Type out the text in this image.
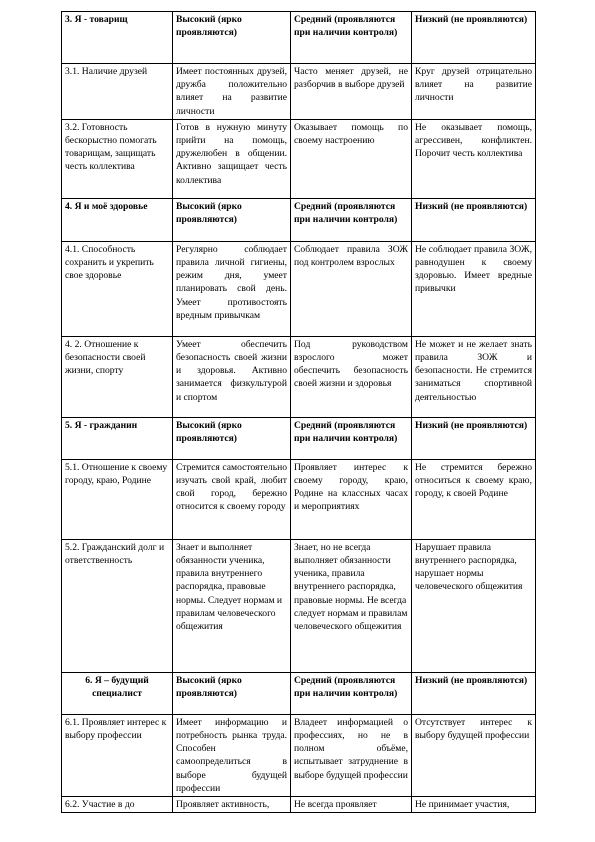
3. Я - товарищ	Высокий (ярко проявляются)	Средний (проявляются при наличии контроля)	Низкий (не проявляются)
3.1. Наличие друзей	Имеет постоянных друзей, дружба положительно влияет на развитие личности	Часто меняет друзей, не разборчив в выборе друзей	Круг друзей отрицательно влияет на развитие личности
3.2. Готовность бескорыстно помогать товарищам, защищать честь коллектива	Готов в нужную минуту прийти на помощь, дружелюбен в общении. Активно защищает честь коллектива	Оказывает помощь по своему настроению	Не оказывает помощь, агрессивен, конфликтен. Порочит честь коллектива
4. Я и моё здоровье	Высокий (ярко проявляются)	Средний (проявляются при наличии контроля)	Низкий (не проявляются)
4.1. Способность сохранить и укрепить свое здоровье	Регулярно соблюдает правила личной гигиены, режим дня, умеет планировать свой день. Умеет противостоять вредным привычкам	Соблюдает правила ЗОЖ под контролем взрослых	Не соблюдает правила ЗОЖ, равнодушен к своему здоровью. Имеет вредные привычки
4. 2. Отношение к безопасности своей жизни, спорту	Умеет обеспечить безопасность своей жизни и здоровья. Активно занимается физкультурой и спортом	Под руководством взрослого может обеспечить безопасность своей жизни и здоровья	Не может и не желает знать правила ЗОЖ и безопасности. Не стремится заниматься спортивной деятельностью
5. Я - гражданин	Высокий (ярко проявляются)	Средний (проявляются при наличии контроля)	Низкий (не проявляются)
5.1. Отношение к своему городу, краю, Родине	Стремится самостоятельно изучать свой край, любит свой город, бережно относится к своему городу	Проявляет интерес к своему городу, краю, Родине на классных часах и мероприятиях	Не стремится бережно относиться к своему краю, городу, к своей Родине
5.2. Гражданский долг и ответственность	Знает и выполняет обязанности ученика, правила внутреннего распорядка, правовые нормы. Следует нормам и правилам человеческого общежития	Знает, но не всегда выполняет обязанности ученика, правила внутреннего распорядка, правовые нормы. Не всегда следует нормам и правилам человеческого общежития	Нарушает правила внутреннего распорядка, нарушает нормы человеческого общежития
6. Я – будущий специалист	Высокий (ярко проявляются)	Средний (проявляются при наличии контроля)	Низкий (не проявляются)
6.1. Проявляет интерес к выбору профессии	Имеет информацию и потребность рынка труда. Способен самоопределиться в выборе будущей профессии	Владеет информацией о профессиях, но не в полном объёме, испытывает затруднение в выборе будущей профессии	Отсутствует интерес к выбору будущей профессии
6.2. Участие в до	Проявляет активность,	Не всегда проявляет	Не принимает участия,
